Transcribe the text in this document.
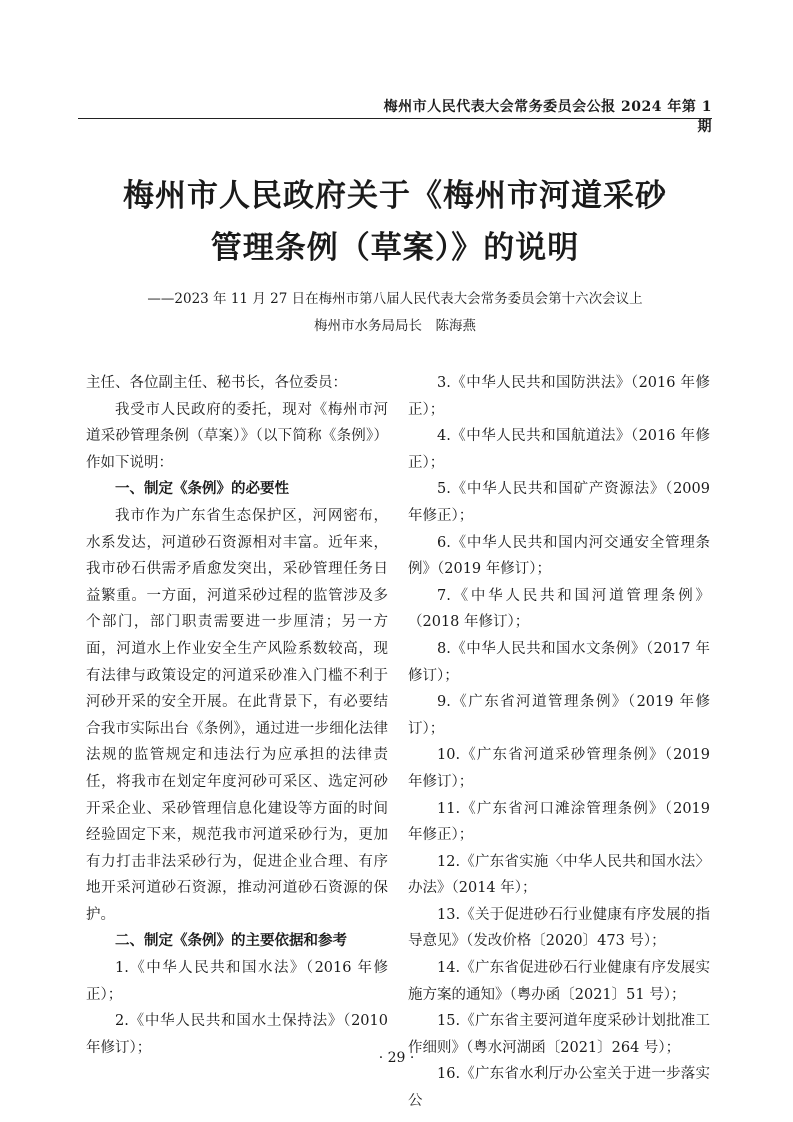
梅州市人民代表大会常务委员会公报 2024 年第 1 期
梅州市人民政府关于《梅州市河道采砂
管理条例（草案）》的说明
——2023 年 11 月 27 日在梅州市第八届人民代表大会常务委员会第十六次会议上
梅州市水务局局长　陈海燕

主任、各位副主任、秘书长，各位委员：

我受市人民政府的委托，现对《梅州市河道采砂管理条例（草案）》（以下简称《条例》）作如下说明：

一、制定《条例》的必要性

我市作为广东省生态保护区，河网密布，水系发达，河道砂石资源相对丰富。近年来，我市砂石供需矛盾愈发突出，采砂管理任务日益繁重。一方面，河道采砂过程的监管涉及多个部门，部门职责需要进一步厘清；另一方面，河道水上作业安全生产风险系数较高，现有法律与政策设定的河道采砂准入门槛不利于河砂开采的安全开展。在此背景下，有必要结合我市实际出台《条例》，通过进一步细化法律法规的监管规定和违法行为应承担的法律责任，将我市在划定年度河砂可采区、选定河砂开采企业、采砂管理信息化建设等方面的时间经验固定下来，规范我市河道采砂行为，更加有力打击非法采砂行为，促进企业合理、有序地开采河道砂石资源，推动河道砂石资源的保护。

二、制定《条例》的主要依据和参考

1.《中华人民共和国水法》（2016 年修正）；

2.《中华人民共和国水土保持法》（2010 年修订）；

3.《中华人民共和国防洪法》（2016 年修正）；

4.《中华人民共和国航道法》（2016 年修正）；

5.《中华人民共和国矿产资源法》（2009 年修正）；

6.《中华人民共和国内河交通安全管理条例》（2019 年修订）；

7.《中华人民共和国河道管理条例》（2018 年修订）；

8.《中华人民共和国水文条例》（2017 年修订）；

9.《广东省河道管理条例》（2019 年修订）；

10.《广东省河道采砂管理条例》（2019 年修订）；

11.《广东省河口滩涂管理条例》（2019 年修正）；

12.《广东省实施〈中华人民共和国水法〉办法》（2014 年）；

13.《关于促进砂石行业健康有序发展的指导意见》（发改价格〔2020〕473 号）；

14.《广东省促进砂石行业健康有序发展实施方案的通知》（粤办函〔2021〕51 号）；

15.《广东省主要河道年度采砂计划批准工作细则》（粤水河湖函〔2021〕264 号）；

16.《广东省水利厅办公室关于进一步落实公

· 29 ·
